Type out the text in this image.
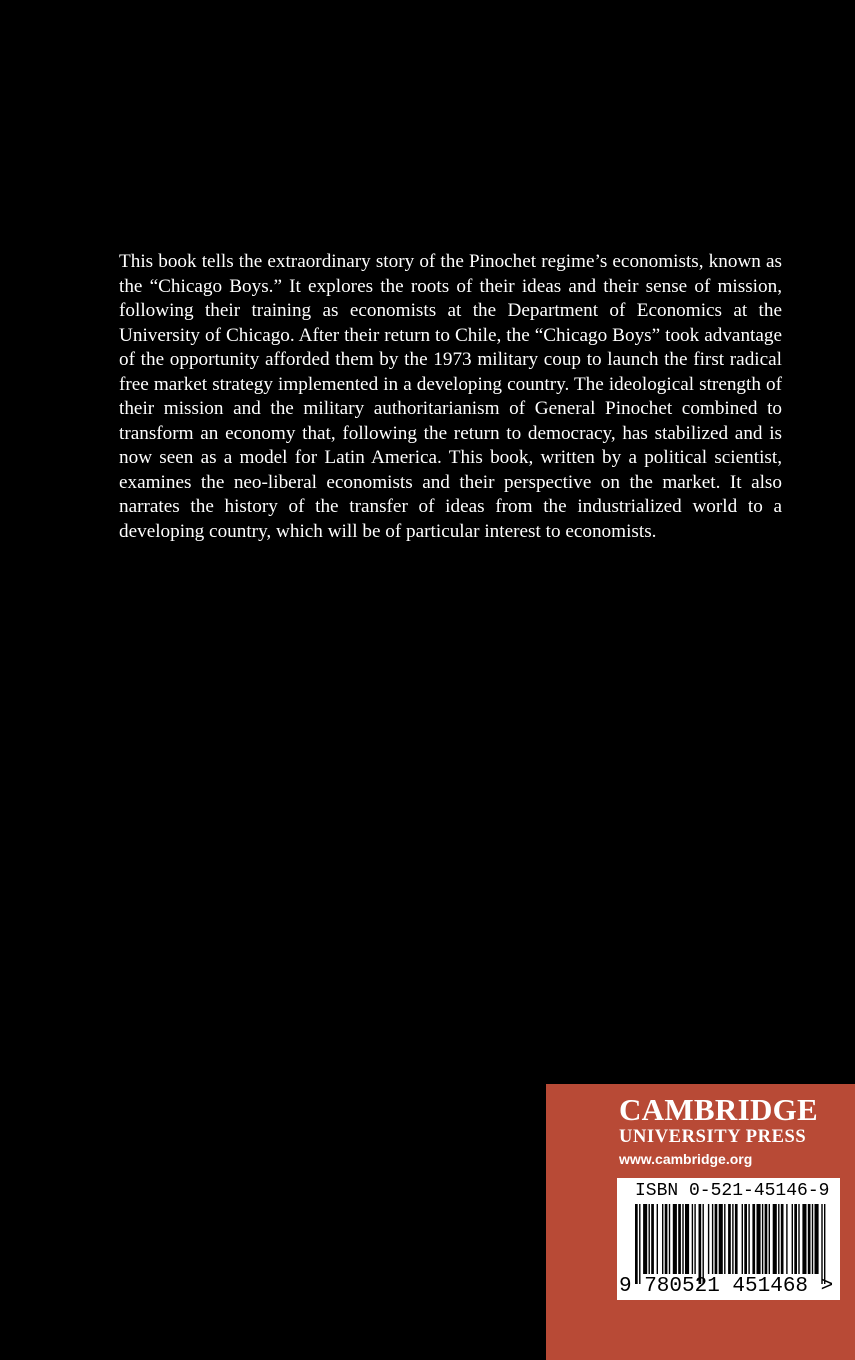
This book tells the extraordinary story of the Pinochet regime’s economists, known as the “Chicago Boys.” It explores the roots of their ideas and their sense of mission, following their training as economists at the Department of Economics at the University of Chicago. After their return to Chile, the “Chicago Boys” took advantage of the opportunity afforded them by the 1973 military coup to launch the first radical free market strategy implemented in a developing country. The ideological strength of their mission and the military authoritarianism of General Pinochet combined to transform an economy that, following the return to democracy, has stabilized and is now seen as a model for Latin America. This book, written by a political scientist, examines the neo-liberal economists and their perspective on the market. It also narrates the history of the transfer of ideas from the industrialized world to a developing country, which will be of particular interest to economists.

CAMBRIDGE
UNIVERSITY PRESS
www.cambridge.org
ISBN 0-521-45146-9
9 780521 451468 >
